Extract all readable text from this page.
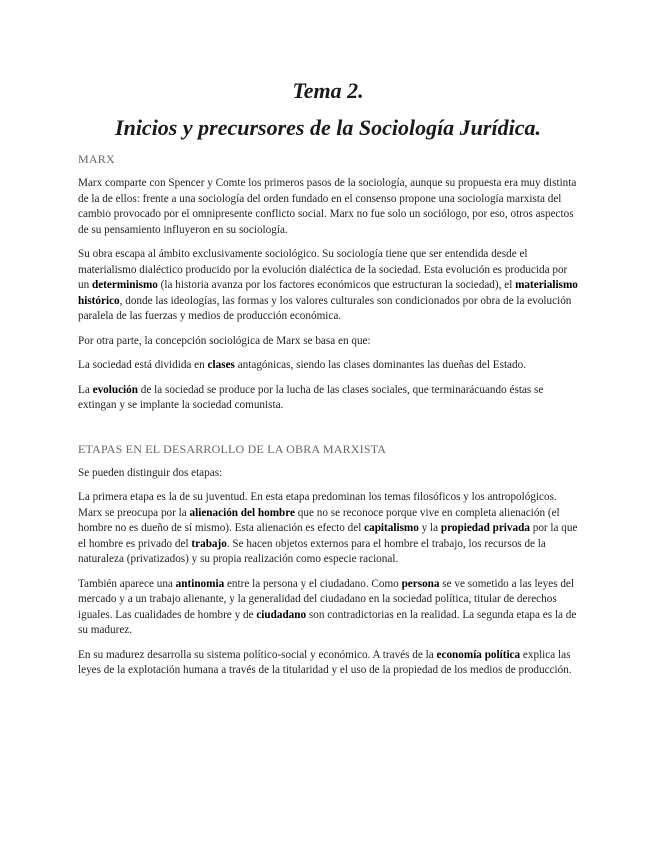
Tema 2.
Inicios y precursores de la Sociología Jurídica.
MARX

Marx comparte con Spencer y Comte los primeros pasos de la sociología, aunque su propuesta era muy distinta de la de ellos: frente a una sociología del orden fundado en el consenso propone una sociología marxista del cambio provocado por el omnipresente conflicto social. Marx no fue solo un sociólogo, por eso, otros aspectos de su pensamiento influyeron en su sociología.

Su obra escapa al ámbito exclusivamente sociológico. Su sociología tiene que ser entendida desde el materialismo dialéctico producido por la evolución dialéctica de la sociedad. Esta evolución es producida por un determinismo (la historia avanza por los factores económicos que estructuran la sociedad), el materialismo histórico, donde las ideologías, las formas y los valores culturales son condicionados por obra de la evolución paralela de las fuerzas y medios de producción económica.

Por otra parte, la concepción sociológica de Marx se basa en que:

La sociedad está dividida en clases antagónicas, siendo las clases dominantes las dueñas del Estado.

La evolución de la sociedad se produce por la lucha de las clases sociales, que terminarácuando éstas se extingan y se implante la sociedad comunista.

ETAPAS EN EL DESARROLLO DE LA OBRA MARXISTA

Se pueden distinguir dos etapas:

La primera etapa es la de su juventud. En esta etapa predominan los temas filosóficos y los antropológicos. Marx se preocupa por la alienación del hombre que no se reconoce porque vive en completa alienación (el hombre no es dueño de sí mismo). Esta alienación es efecto del capitalismo y la propiedad privada por la que el hombre es privado del trabajo. Se hacen objetos externos para el hombre el trabajo, los recursos de la naturaleza (privatizados) y su propia realización como especie racional.

También aparece una antinomia entre la persona y el ciudadano. Como persona se ve sometido a las leyes del mercado y a un trabajo alienante, y la generalidad del ciudadano en la sociedad política, titular de derechos iguales. Las cualidades de hombre y de ciudadano son contradictorias en la realidad. La segunda etapa es la de su madurez.

En su madurez desarrolla su sistema político-social y económico. A través de la economía política explica las leyes de la explotación humana a través de la titularidad y el uso de la propiedad de los medios de producción.
